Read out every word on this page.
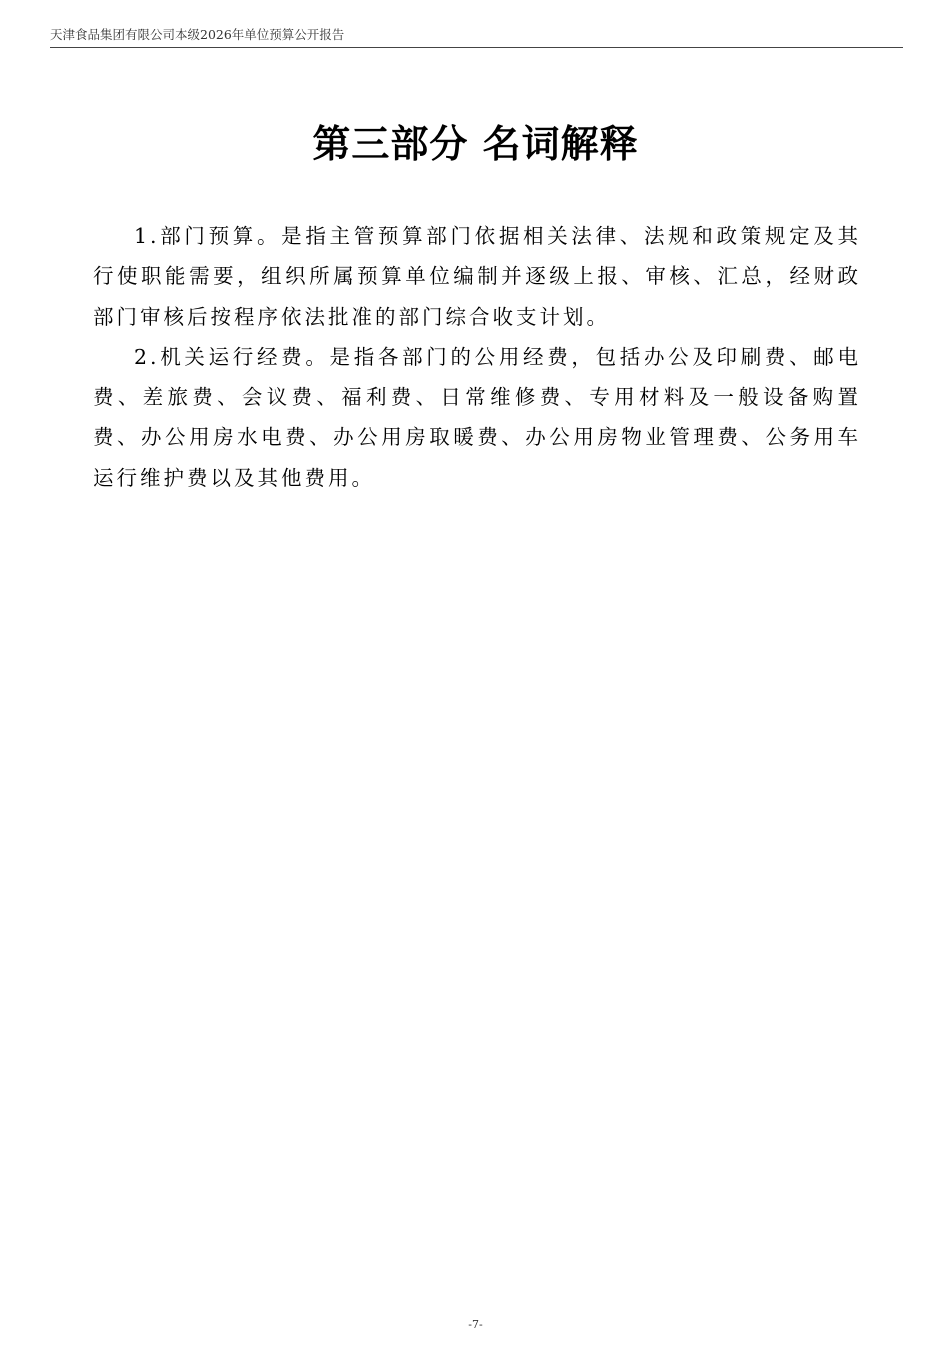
天津食品集团有限公司本级2026年单位预算公开报告
第三部分 名词解释

1.部门预算。是指主管预算部门依据相关法律、法规和政策规定及其行使职能需要，组织所属预算单位编制并逐级上报、审核、汇总，经财政部门审核后按程序依法批准的部门综合收支计划。

2.机关运行经费。是指各部门的公用经费，包括办公及印刷费、邮电费、差旅费、会议费、福利费、日常维修费、专用材料及一般设备购置费、办公用房水电费、办公用房取暖费、办公用房物业管理费、公务用车运行维护费以及其他费用。

-7-
